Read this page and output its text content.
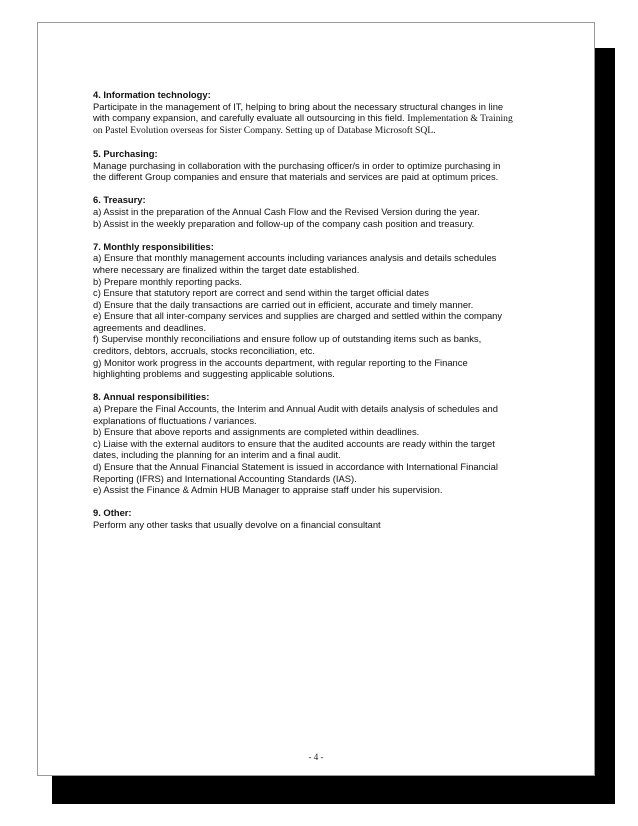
4. Information technology:
Participate in the management of IT, helping to bring about the necessary structural changes in line
with company expansion, and carefully evaluate all outsourcing in this field. Implementation & Training
on Pastel Evolution overseas for Sister Company. Setting up of Database Microsoft SQL.
5. Purchasing:
Manage purchasing in collaboration with the purchasing officer/s in order to optimize purchasing in
the different Group companies and ensure that materials and services are paid at optimum prices.
6. Treasury:
a) Assist in the preparation of the Annual Cash Flow and the Revised Version during the year.
b) Assist in the weekly preparation and follow-up of the company cash position and treasury.
7. Monthly responsibilities:
a) Ensure that monthly management accounts including variances analysis and details schedules
where necessary are finalized within the target date established.
b) Prepare monthly reporting packs.
c) Ensure that statutory report are correct and send within the target official dates
d) Ensure that the daily transactions are carried out in efficient, accurate and timely manner.
e) Ensure that all inter-company services and supplies are charged and settled within the company
agreements and deadlines.
f) Supervise monthly reconciliations and ensure follow up of outstanding items such as banks,
creditors, debtors, accruals, stocks reconciliation, etc.
g) Monitor work progress in the accounts department, with regular reporting to the Finance
highlighting problems and suggesting applicable solutions.
8. Annual responsibilities:
a) Prepare the Final Accounts, the Interim and Annual Audit with details analysis of schedules and
explanations of fluctuations / variances.
b) Ensure that above reports and assignments are completed within deadlines.
c) Liaise with the external auditors to ensure that the audited accounts are ready within the target
dates, including the planning for an interim and a final audit.
d) Ensure that the Annual Financial Statement is issued in accordance with International Financial
Reporting (IFRS) and International Accounting Standards (IAS).
e) Assist the Finance & Admin HUB Manager to appraise staff under his supervision.
9. Other:
Perform any other tasks that usually devolve on a financial consultant
- 4 -
